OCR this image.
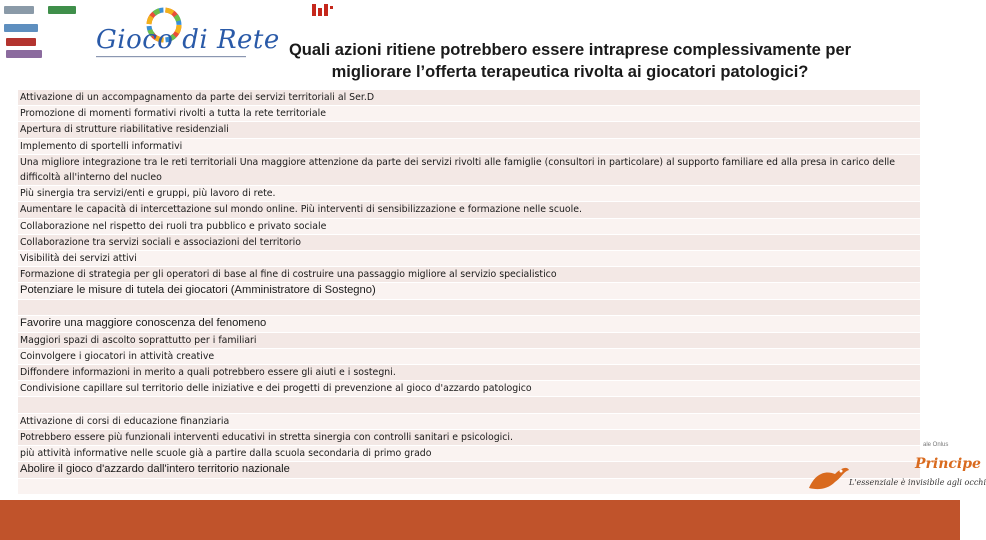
Gioco di Rete Quali azioni ritiene potrebbero essere intraprese complessivamente per
migliorare l’offerta terapeutica rivolta ai giocatori patologici?
Attivazione di un accompagnamento da parte dei servizi territoriali al Ser.D
Promozione di momenti formativi rivolti a tutta la rete territoriale
Apertura di strutture riabilitative residenziali
Implemento di sportelli informativi
Una migliore integrazione tra le reti territoriali Una maggiore attenzione da parte dei servizi rivolti alle famiglie (consultori in particolare) al supporto familiare ed alla presa in carico delle difficoltà all'interno del nucleo
Più sinergia tra servizi/enti e gruppi, più lavoro di rete.
Aumentare le capacità di intercettazione sul mondo online. Più interventi di sensibilizzazione e formazione nelle scuole.
Collaborazione nel rispetto dei ruoli tra pubblico e privato sociale
Collaborazione tra servizi sociali e associazioni del territorio
Visibilità dei servizi attivi
Formazione di strategia per gli operatori di base al fine di costruire una passaggio migliore al servizio specialistico
Potenziare le misure di tutela dei giocatori (Amministratore di Sostegno)
Favorire una maggiore conoscenza del fenomeno
Maggiori spazi di ascolto soprattutto per i familiari
Coinvolgere i giocatori in attività creative
Diffondere informazioni in merito a quali potrebbero essere gli aiuti e i sostegni.
Condivisione capillare sul territorio delle iniziative e dei progetti di prevenzione al gioco d'azzardo patologico
Attivazione di corsi di educazione finanziaria
Potrebbero essere più funzionali interventi educativi in stretta sinergia con controlli sanitari e psicologici.
più attività informative nelle scuole già a partire dalla scuola secondaria di primo grado
Abolire il gioco d'azzardo dall'intero territorio nazionale
ale Onlus
Principe
L'essenziale è invisibile agli occhi
